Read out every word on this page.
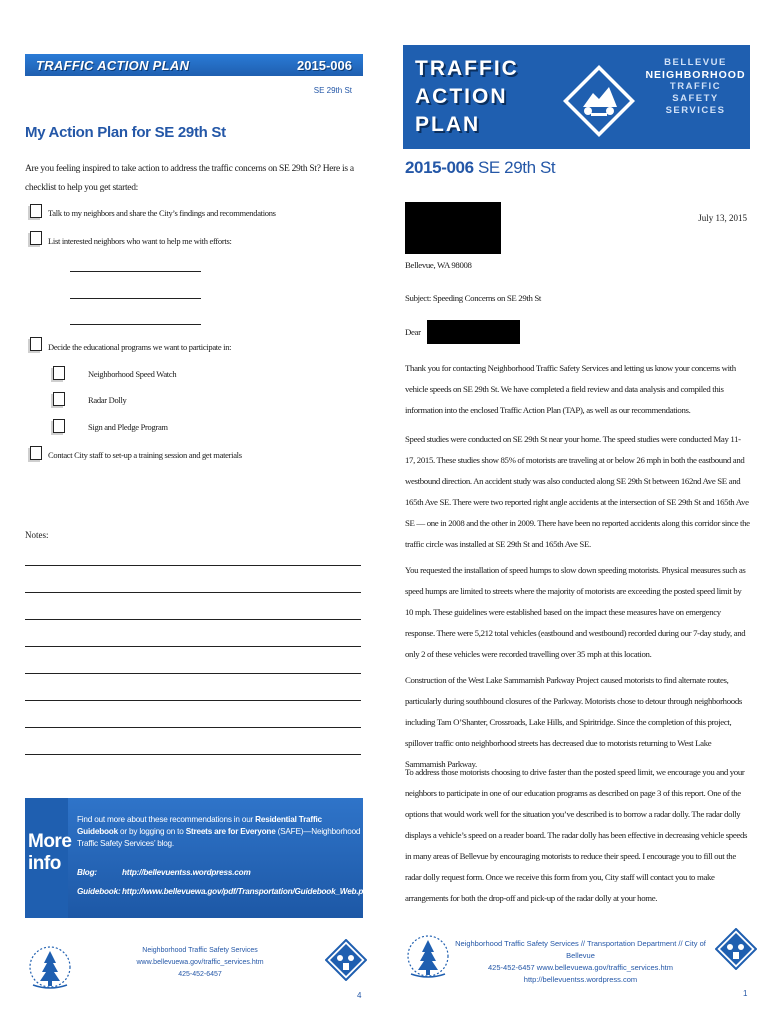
TRAFFIC ACTION PLAN	2015-006
SE 29th St
My Action Plan for SE 29th St
Are you feeling inspired to take action to address the traffic concerns on SE 29th St? Here is a checklist to help you get started:
Talk to my neighbors and share the City’s findings and recommendations
List interested neighbors who want to help me with efforts:
Decide the educational programs we want to participate in:
Neighborhood Speed Watch
Radar Dolly
Sign and Pledge Program
Contact City staff to set-up a training session and get materials
Notes:
More
info
Find out more about these recommendations in our Residential Traffic Guidebook or by logging on to Streets are for Everyone (SAFE)—Neighborhood Traffic Safety Services’ blog.
Blog:	http://bellevuentss.wordpress.com
Guidebook: http://www.bellevuewa.gov/pdf/Transportation/Guidebook_Web.pdf
Neighborhood Traffic Safety Services
www.bellevuewa.gov/traffic_services.htm
425-452-6457
4
TRAFFIC
ACTION
PLAN
BELLEVUE
NEIGHBORHOOD
TRAFFIC
SAFETY
SERVICES
2015-006 SE 29th St
July 13, 2015
Bellevue, WA 98008
Subject: Speeding Concerns on SE 29th St
Dear
Thank you for contacting Neighborhood Traffic Safety Services and letting us know your concerns with vehicle speeds on SE 29th St. We have completed a field review and data analysis and compiled this information into the enclosed Traffic Action Plan (TAP), as well as our recommendations.
Speed studies were conducted on SE 29th St near your home. The speed studies were conducted May 11-17, 2015. These studies show 85% of motorists are traveling at or below 26 mph in both the eastbound and westbound direction. An accident study was also conducted along SE 29th St between 162nd Ave SE and 165th Ave SE. There were two reported right angle accidents at the intersection of SE 29th St and 165th Ave SE — one in 2008 and the other in 2009. There have been no reported accidents along this corridor since the traffic circle was installed at SE 29th St and 165th Ave SE.
You requested the installation of speed humps to slow down speeding motorists. Physical measures such as speed humps are limited to streets where the majority of motorists are exceeding the posted speed limit by 10 mph. These guidelines were established based on the impact these measures have on emergency response. There were 5,212 total vehicles (eastbound and westbound) recorded during our 7-day study, and only 2 of these vehicles were recorded travelling over 35 mph at this location.
Construction of the West Lake Sammamish Parkway Project caused motorists to find alternate routes, particularly during southbound closures of the Parkway. Motorists chose to detour through neighborhoods including Tam O’Shanter, Crossroads, Lake Hills, and Spiritridge. Since the completion of this project, spillover traffic onto neighborhood streets has decreased due to motorists returning to West Lake Sammamish Parkway.
To address those motorists choosing to drive faster than the posted speed limit, we encourage you and your neighbors to participate in one of our education programs as described on page 3 of this report. One of the options that would work well for the situation you’ve described is to borrow a radar dolly. The radar dolly displays a vehicle’s speed on a reader board. The radar dolly has been effective in decreasing vehicle speeds in many areas of Bellevue by encouraging motorists to reduce their speed. I encourage you to fill out the radar dolly request form. Once we receive this form from you, City staff will contact you to make arrangements for both the drop-off and pick-up of the radar dolly at your home.
Neighborhood Traffic Safety Services // Transportation Department // City of Bellevue
425-452-6457 www.bellevuewa.gov/traffic_services.htm
http://bellevuentss.wordpress.com
1
